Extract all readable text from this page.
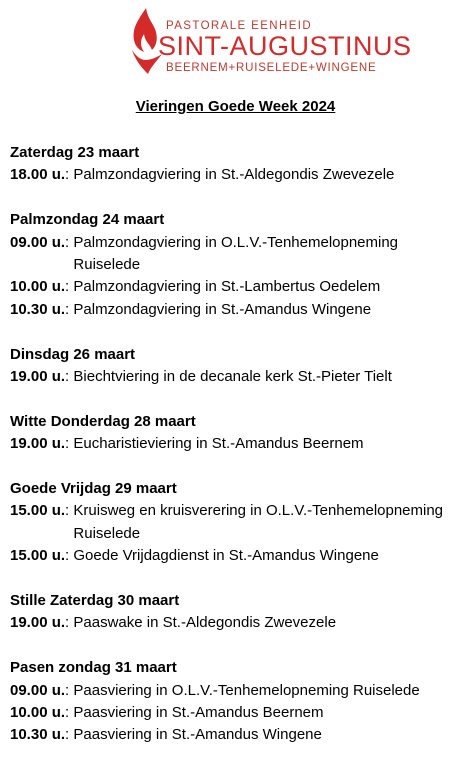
PASTORALE EENHEID
SINT-AUGUSTINUS
BEERNEM+RUISELEDE+WINGENE
Vieringen Goede Week 2024
Zaterdag 23 maart
18.00 u. : Palmzondagviering in St.-Aldegondis Zwevezele
Palmzondag 24 maart
09.00 u. : Palmzondagviering in O.L.V.-Tenhemelopneming Ruiselede
10.00 u. : Palmzondagviering in St.-Lambertus Oedelem
10.30 u. : Palmzondagviering in St.-Amandus Wingene
Dinsdag 26 maart
19.00 u. : Biechtviering in de decanale kerk St.-Pieter Tielt
Witte Donderdag 28 maart
19.00 u. : Eucharistieviering in St.-Amandus Beernem
Goede Vrijdag 29 maart
15.00 u. : Kruisweg en kruisverering in O.L.V.-Tenhemelopneming Ruiselede
15.00 u. : Goede Vrijdagdienst in St.-Amandus Wingene
Stille Zaterdag 30 maart
19.00 u. : Paaswake in St.-Aldegondis Zwevezele
Pasen zondag 31 maart
09.00 u. : Paasviering in O.L.V.-Tenhemelopneming Ruiselede
10.00 u. : Paasviering in St.-Amandus Beernem
10.30 u. : Paasviering in St.-Amandus Wingene
